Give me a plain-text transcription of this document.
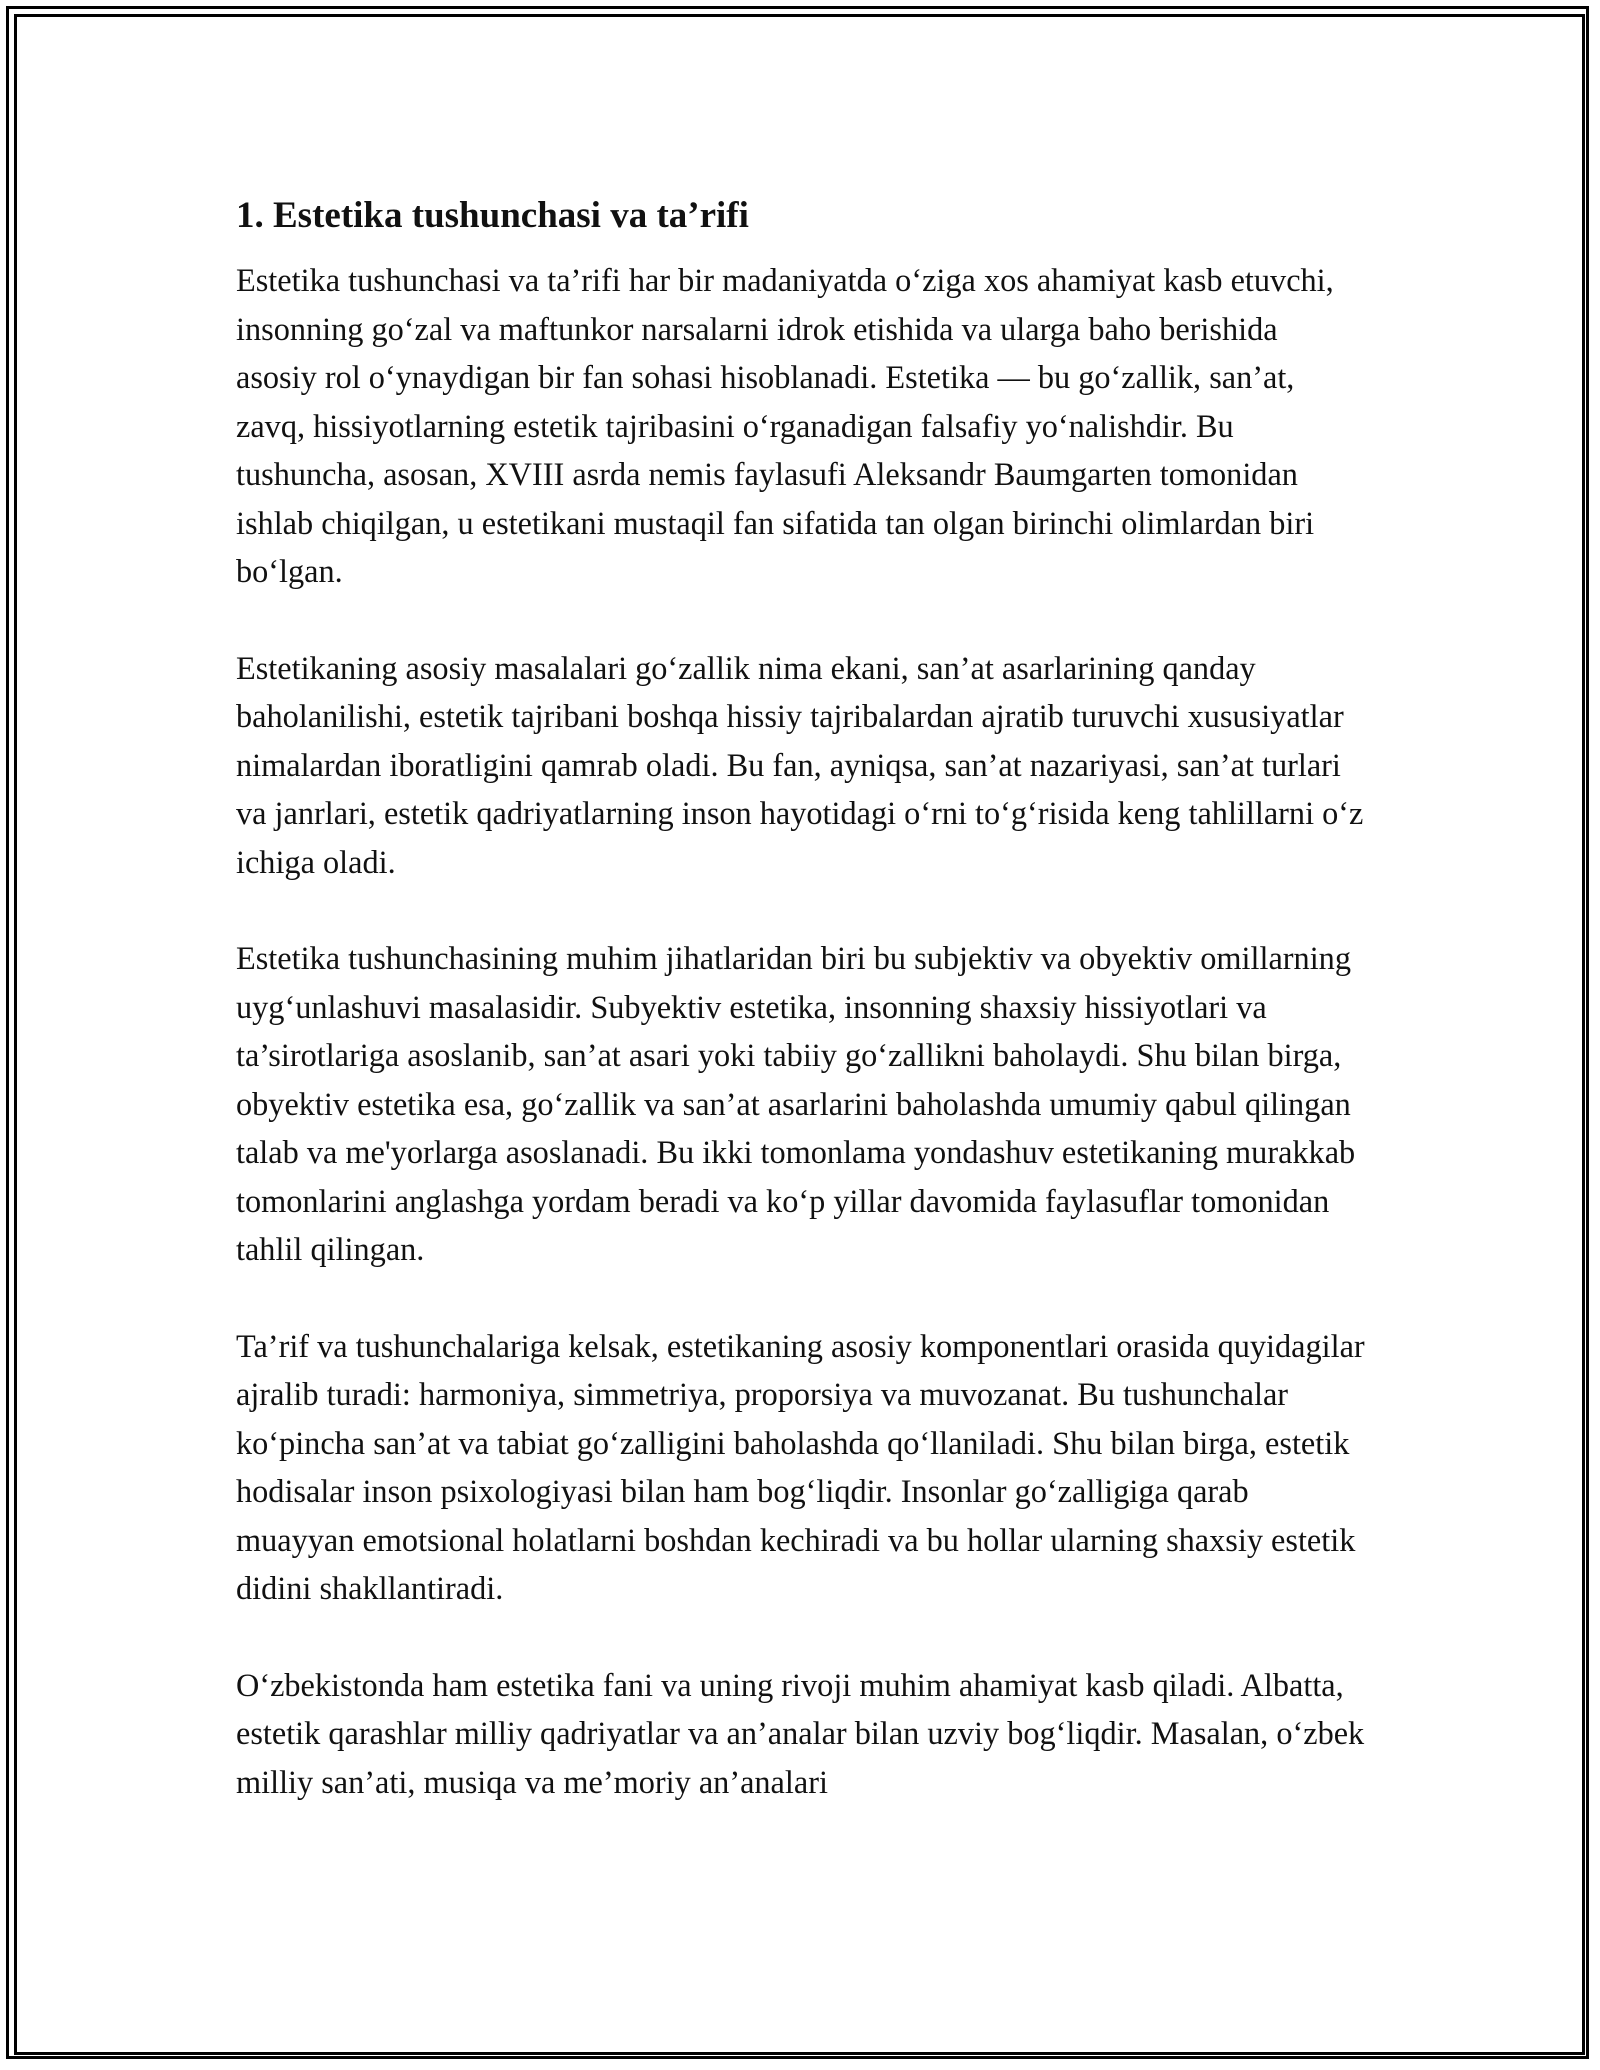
1. Estetika tushunchasi va ta’rifi

Estetika tushunchasi va ta’rifi har bir madaniyatda o‘ziga xos ahamiyat kasb etuvchi, insonning go‘zal va maftunkor narsalarni idrok etishida va ularga baho berishida asosiy rol o‘ynaydigan bir fan sohasi hisoblanadi. Estetika — bu go‘zallik, san’at, zavq, hissiyotlarning estetik tajribasini o‘rganadigan falsafiy yo‘nalishdir. Bu tushuncha, asosan, XVIII asrda nemis faylasufi Aleksandr Baumgarten tomonidan ishlab chiqilgan, u estetikani mustaqil fan sifatida tan olgan birinchi olimlardan biri bo‘lgan.

Estetikaning asosiy masalalari go‘zallik nima ekani, san’at asarlarining qanday baholanilishi, estetik tajribani boshqa hissiy tajribalardan ajratib turuvchi xususiyatlar nimalardan iboratligini qamrab oladi. Bu fan, ayniqsa, san’at nazariyasi, san’at turlari va janrlari, estetik qadriyatlarning inson hayotidagi o‘rni to‘g‘risida keng tahlillarni o‘z ichiga oladi.

Estetika tushunchasining muhim jihatlaridan biri bu subjektiv va obyektiv omillarning uyg‘unlashuvi masalasidir. Subyektiv estetika, insonning shaxsiy hissiyotlari va ta’sirotlariga asoslanib, san’at asari yoki tabiiy go‘zallikni baholaydi. Shu bilan birga, obyektiv estetika esa, go‘zallik va san’at asarlarini baholashda umumiy qabul qilingan talab va me'yorlarga asoslanadi. Bu ikki tomonlama yondashuv estetikaning murakkab tomonlarini anglashga yordam beradi va ko‘p yillar davomida faylasuflar tomonidan tahlil qilingan.

Ta’rif va tushunchalariga kelsak, estetikaning asosiy komponentlari orasida quyidagilar ajralib turadi: harmoniya, simmetriya, proporsiya va muvozanat. Bu tushunchalar ko‘pincha san’at va tabiat go‘zalligini baholashda qo‘llaniladi. Shu bilan birga, estetik hodisalar inson psixologiyasi bilan ham bog‘liqdir. Insonlar go‘zalligiga qarab muayyan emotsional holatlarni boshdan kechiradi va bu hollar ularning shaxsiy estetik didini shakllantiradi.

O‘zbekistonda ham estetika fani va uning rivoji muhim ahamiyat kasb qiladi. Albatta, estetik qarashlar milliy qadriyatlar va an’analar bilan uzviy bog‘liqdir. Masalan, o‘zbek milliy san’ati, musiqa va me’moriy an’analari
